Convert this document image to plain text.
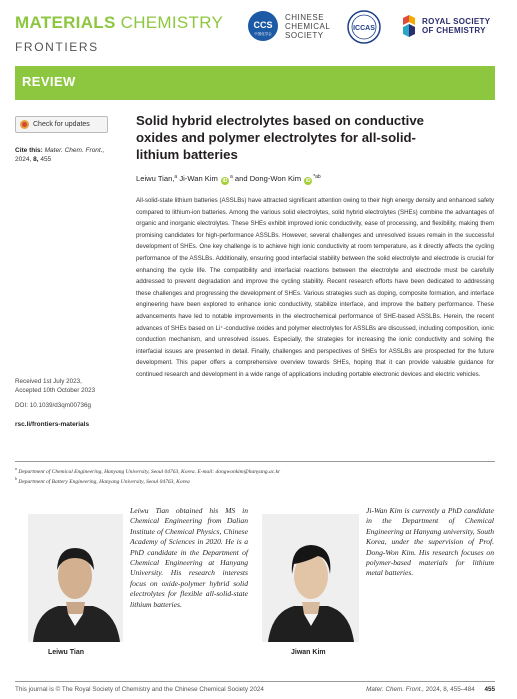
MATERIALS CHEMISTRY
FRONTIERS
CCS
中国化学会
CHINESE
CHEMICAL
SOCIETY
ICCAS
ROYAL SOCIETY
OF CHEMISTRY
REVIEW
Check for updates
Cite this: Mater. Chem. Front., 2024, 8, 455
Received 1st July 2023,
Accepted 10th October 2023
DOI: 10.1039/d3qm00736g
rsc.li/frontiers-materials
Solid hybrid electrolytes based on conductive oxides and polymer electrolytes for all-solid-lithium batteries
Leiwu Tian,$^a$ Ji-Wan Kim $iD^a$ and Dong-Won Kim $iD^{*ab}$
All-solid-state lithium batteries (ASSLBs) have attracted significant attention owing to their high energy density and enhanced safety compared to lithium-ion batteries. Among the various solid electrolytes, solid hybrid electrolytes (SHEs) combine the advantages of organic and inorganic electrolytes. These SHEs exhibit improved ionic conductivity, ease of processing, and flexibility, making them promising candidates for high-performance ASSLBs. However, several challenges and unresolved issues remain in the successful development of SHEs. One key challenge is to achieve high ionic conductivity at room temperature, as it directly affects the cycling performance of the ASSLBs. Additionally, ensuring good interfacial stability between the solid electrolyte and electrode is crucial for enhancing the cycle life. The compatibility and interfacial reactions between the electrolyte and electrode must be carefully addressed to prevent degradation and improve the cycling stability. Recent research efforts have been dedicated to addressing these challenges and progressing the development of SHEs. Various strategies such as doping, composite formation, and interface engineering have been explored to enhance ionic conductivity, stabilize interface, and improve the battery performance. These advancements have led to notable improvements in the electrochemical performance of SHE-based ASSLBs. Herein, the recent advances of SHEs based on Li⁺-conductive oxides and polymer electrolytes for ASSLBs are discussed, including composition, ionic conduction mechanism, and unresolved issues. Especially, the strategies for increasing the ionic conductivity and solving the interfacial issues are presented in detail. Finally, challenges and perspectives of SHEs for ASSLBs are prospected for the future development. This paper offers a comprehensive overview towards SHEs, hoping that it can provide valuable guidance for continued research and development in a wide range of applications including portable electronic devices and electric vehicles.
$^a$ Department of Chemical Engineering, Hanyang University, Seoul 04763, Korea. E-mail: dongwonkim@hanyang.ac.kr
$^b$ Department of Battery Engineering, Hanyang University, Seoul 04763, Korea
Leiwu Tian
Leiwu Tian obtained his MS in Chemical Engineering from Dalian Institute of Chemical Physics, Chinese Academy of Sciences in 2020. He is a PhD candidate in the Department of Chemical Engineering at Hanyang University. His research interests focus on oxide-polymer hybrid solid electrolytes for flexible all-solid-state lithium batteries.
Jiwan Kim
Ji-Wan Kim is currently a PhD candidate in the Department of Chemical Engineering at Hanyang university, South Korea, under the supervision of Prof. Dong-Won Kim. His research focuses on polymer-based materials for lithium metal batteries.
This journal is © The Royal Society of Chemistry and the Chinese Chemical Society 2024	Mater. Chem. Front., 2024, 8, 455–484 455
